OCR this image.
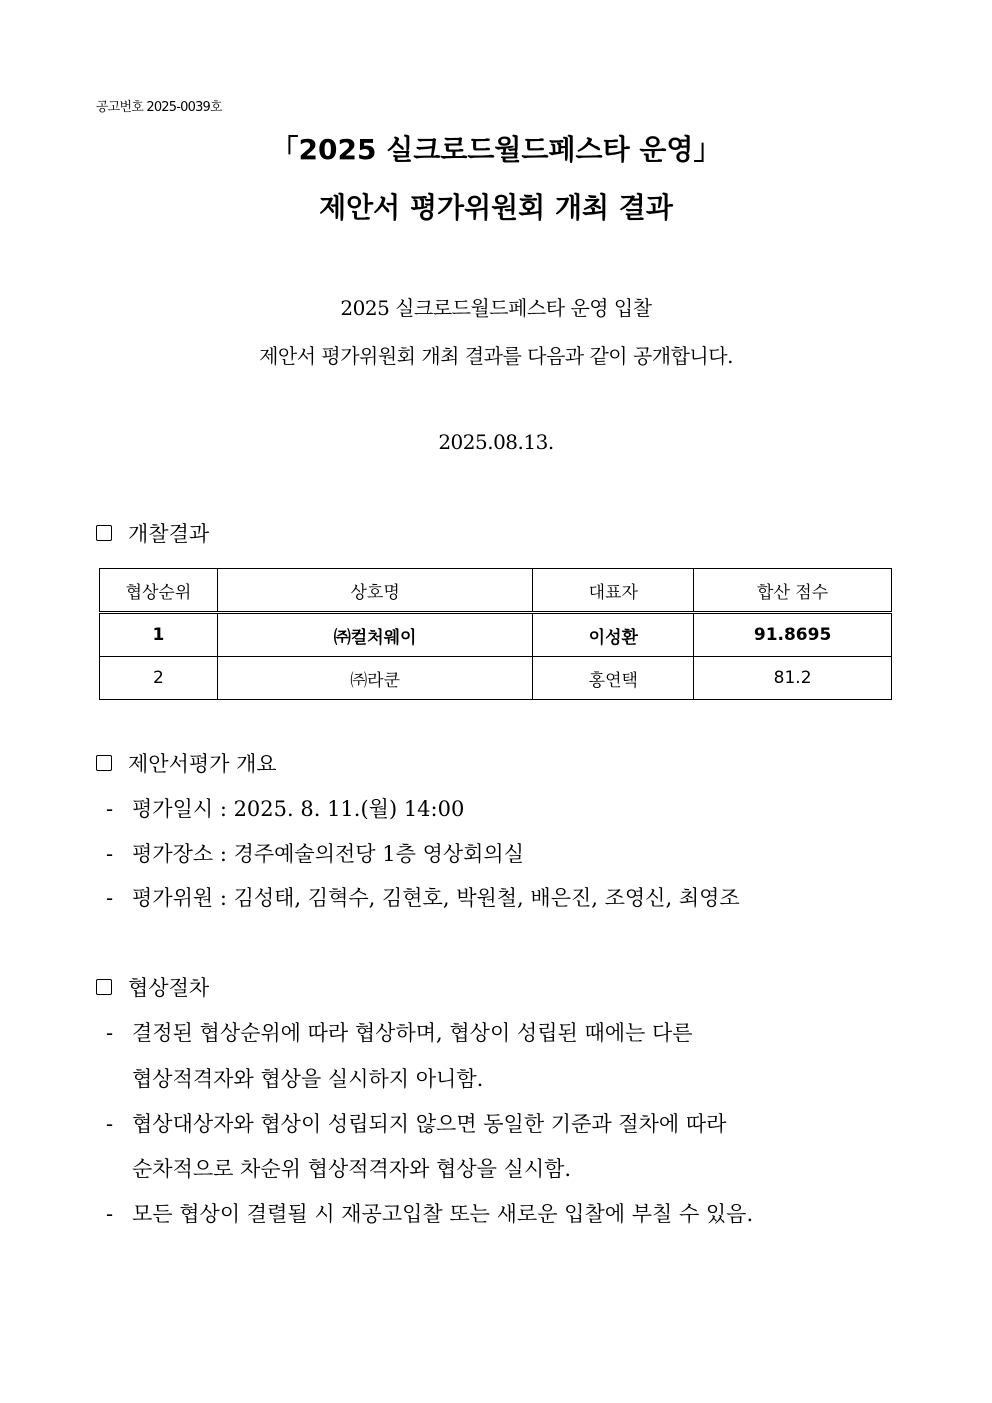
공고번호 2025-0039호
「2025 실크로드월드페스타 운영」
제안서 평가위원회 개최 결과
2025 실크로드월드페스타 운영 입찰
제안서 평가위원회 개최 결과를 다음과 같이 공개합니다.
2025.08.13.
개찰결과
협상순위	상호명	대표자	합산 점수
1	㈜컬처웨이	이성환	91.8695
2	㈜라쿤	홍연택	81.2
제안서평가 개요
- 평가일시 : 2025. 8. 11.(월) 14:00
- 평가장소 : 경주예술의전당 1층 영상회의실
- 평가위원 : 김성태, 김혁수, 김현호, 박원철, 배은진, 조영신, 최영조
협상절차
- 결정된 협상순위에 따라 협상하며, 협상이 성립된 때에는 다른
협상적격자와 협상을 실시하지 아니함.
- 협상대상자와 협상이 성립되지 않으면 동일한 기준과 절차에 따라
순차적으로 차순위 협상적격자와 협상을 실시함.
- 모든 협상이 결렬될 시 재공고입찰 또는 새로운 입찰에 부칠 수 있음.
